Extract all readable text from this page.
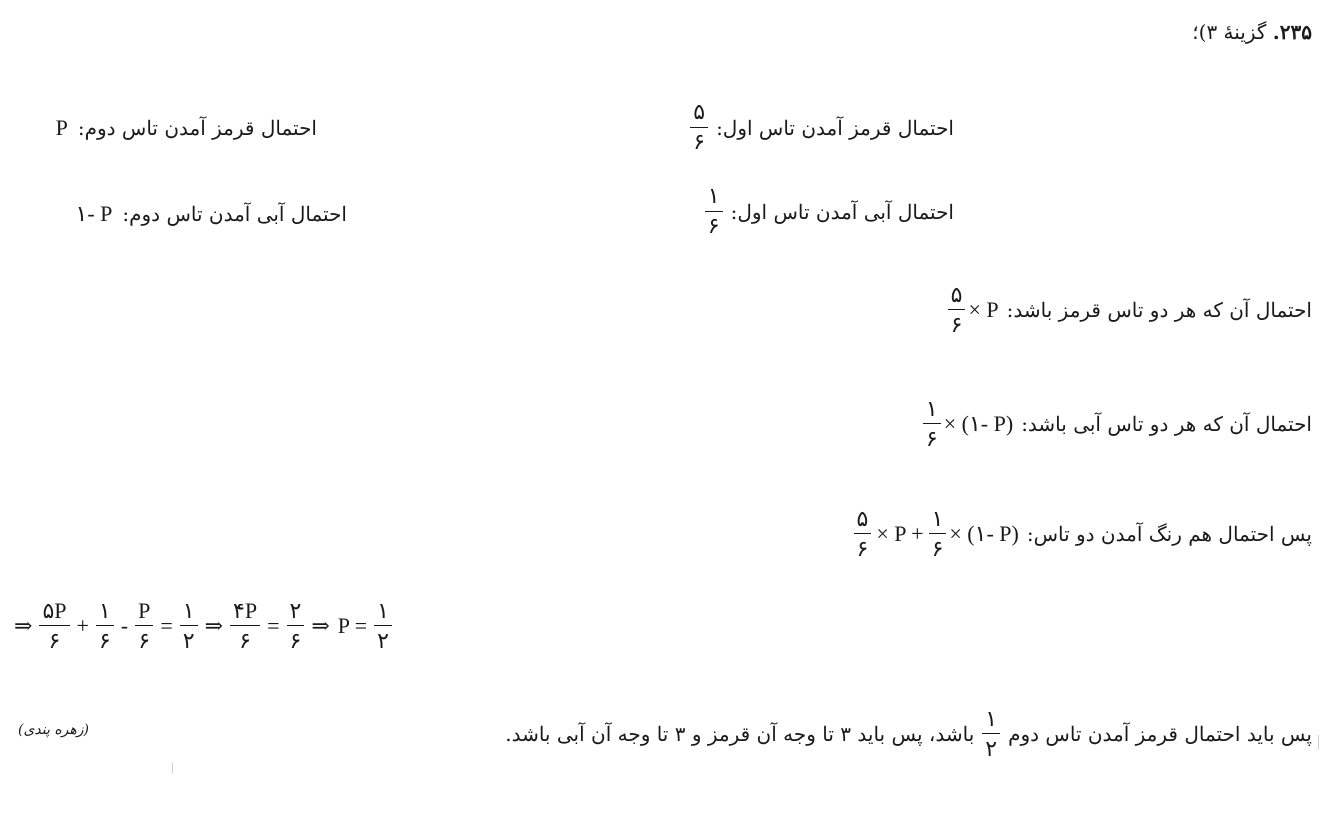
۲۳۵. گزینهٔ ۳)؛
احتمال قرمز آمدن تاس اول:
$\frac{۵}{۶}$
احتمال قرمز آمدن تاس دوم:
P
احتمال آبی آمدن تاس اول:
$\frac{۱}{۶}$
احتمال آبی آمدن تاس دوم:
۱- P
احتمال آن که هر دو تاس قرمز باشد:
$\frac{۵}{۶} \times P$
احتمال آن که هر دو تاس آبی باشد:
$\frac{۱}{۶}$ × (۱- P)
پس احتمال هم رنگ آمدن دو تاس:
$\frac{۵}{۶} \times P + \frac{۱}{۶}$ × (۱- P)
⇒ $\frac{۵P}{۶} + \frac{۱}{۶} - \frac{P}{۶} = \frac{۱}{۲}$ ⇒ $\frac{۴P}{۶} = \frac{۲}{۶}$ ⇒ $P = \frac{۱}{۲}$
پس باید احتمال قرمز آمدن تاس دوم
$\frac{۱}{۲}$
باشد، پس باید ۳ تا وجه آن قرمز و ۳ تا وجه آن آبی باشد.
(زهره پندی)
